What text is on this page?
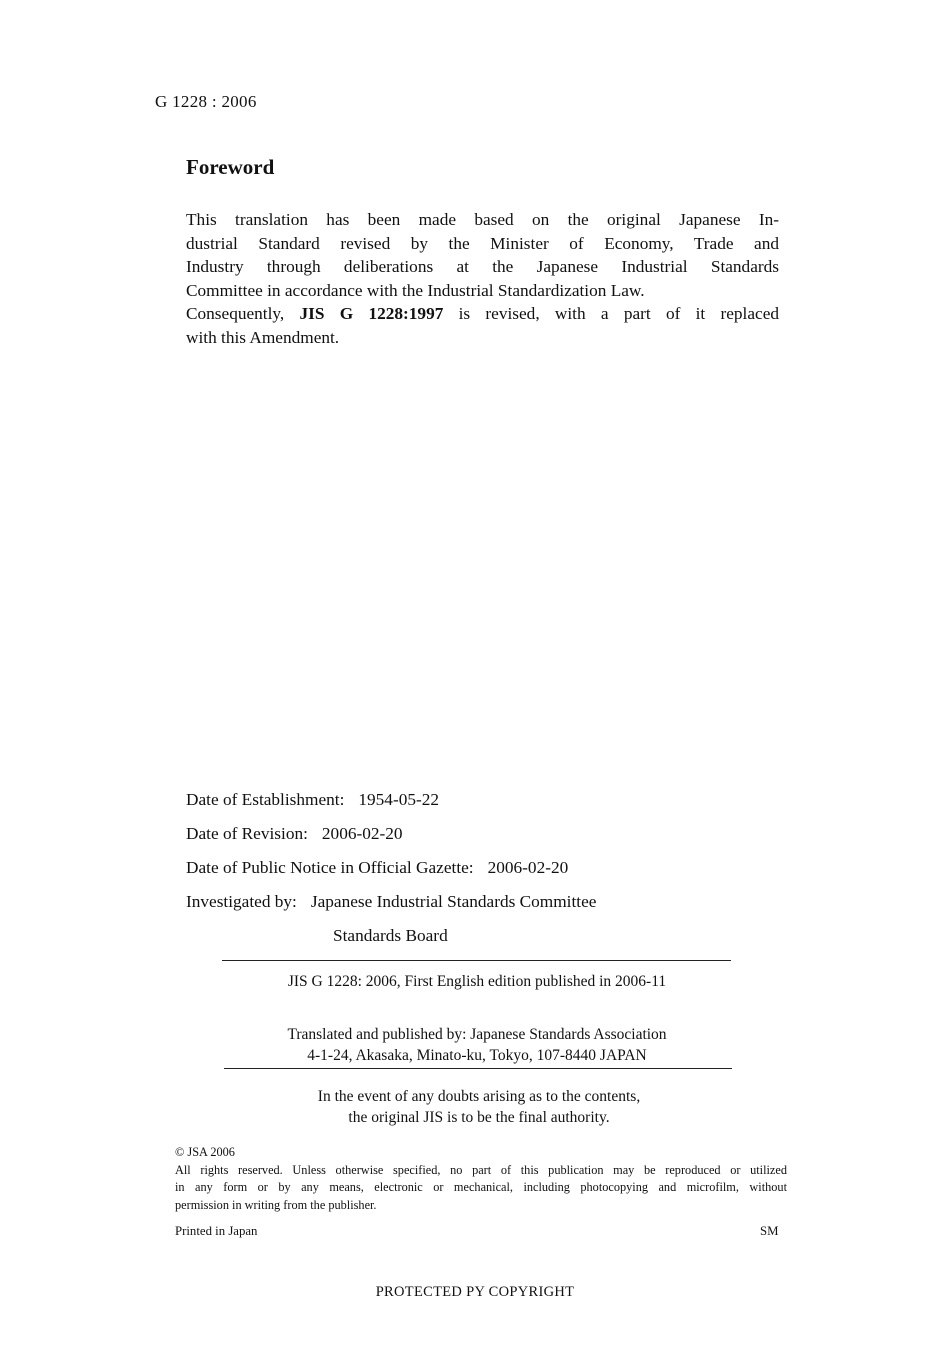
G 1228 : 2006
Foreword
This translation has been made based on the original Japanese In-
dustrial Standard revised by the Minister of Economy, Trade and
Industry through deliberations at the Japanese Industrial Standards
Committee in accordance with the Industrial Standardization Law.
Consequently, JIS G 1228:1997 is revised, with a part of it replaced
with this Amendment.
Date of Establishment: 1954-05-22
Date of Revision: 2006-02-20
Date of Public Notice in Official Gazette: 2006-02-20
Investigated by: Japanese Industrial Standards Committee
Standards Board
JIS G 1228: 2006, First English edition published in 2006-11
Translated and published by: Japanese Standards Association
4-1-24, Akasaka, Minato-ku, Tokyo, 107-8440 JAPAN
In the event of any doubts arising as to the contents,
the original JIS is to be the final authority.
© JSA 2006
All rights reserved. Unless otherwise specified, no part of this publication may be reproduced or utilized
in any form or by any means, electronic or mechanical, including photocopying and microfilm, without
permission in writing from the publisher.
Printed in Japan	SM
PROTECTED PY COPYRIGHT
